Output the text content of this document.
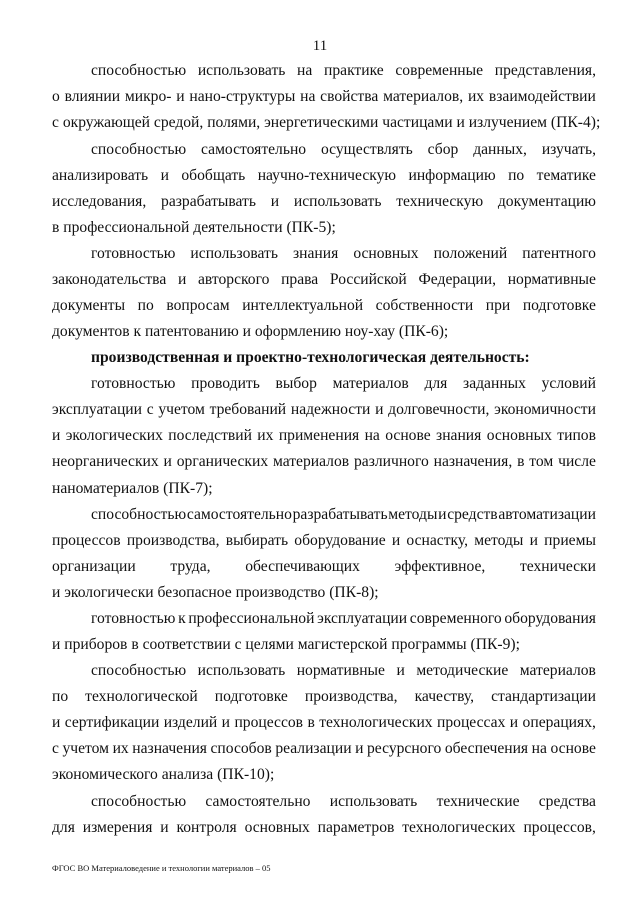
11
способностью использовать на практике современные представления,
о влиянии микро- и нано-структуры на свойства материалов, их взаимодействии
с окружающей средой, полями, энергетическими частицами и излучением (ПК-4);
способностью самостоятельно осуществлять сбор данных, изучать,
анализировать и обобщать научно-техническую информацию по тематике
исследования, разрабатывать и использовать техническую документацию
в профессиональной деятельности (ПК-5);
готовностью использовать знания основных положений патентного
законодательства и авторского права Российской Федерации, нормативные
документы по вопросам интеллектуальной собственности при подготовке
документов к патентованию и оформлению ноу-хау (ПК-6);
производственная и проектно-технологическая деятельность:
готовностью проводить выбор материалов для заданных условий
эксплуатации с учетом требований надежности и долговечности, экономичности
и экологических последствий их применения на основе знания основных типов
неорганических и органических материалов различного назначения, в том числе
наноматериалов (ПК-7);
способностью самостоятельно разрабатывать методы и средств автоматизации
процессов производства, выбирать оборудование и оснастку, методы и приемы
организации труда, обеспечивающих эффективное, технически
и экологически безопасное производство (ПК-8);
готовностью к профессиональной эксплуатации современного оборудования
и приборов в соответствии с целями магистерской программы (ПК-9);
способностью использовать нормативные и методические материалов
по технологической подготовке производства, качеству, стандартизации
и сертификации изделий и процессов в технологических процессах и операциях,
с учетом их назначения способов реализации и ресурсного обеспечения на основе
экономического анализа (ПК-10);
способностью самостоятельно использовать технические средства
для измерения и контроля основных параметров технологических процессов,
ФГОС ВО Материаловедение и технологии материалов – 05
